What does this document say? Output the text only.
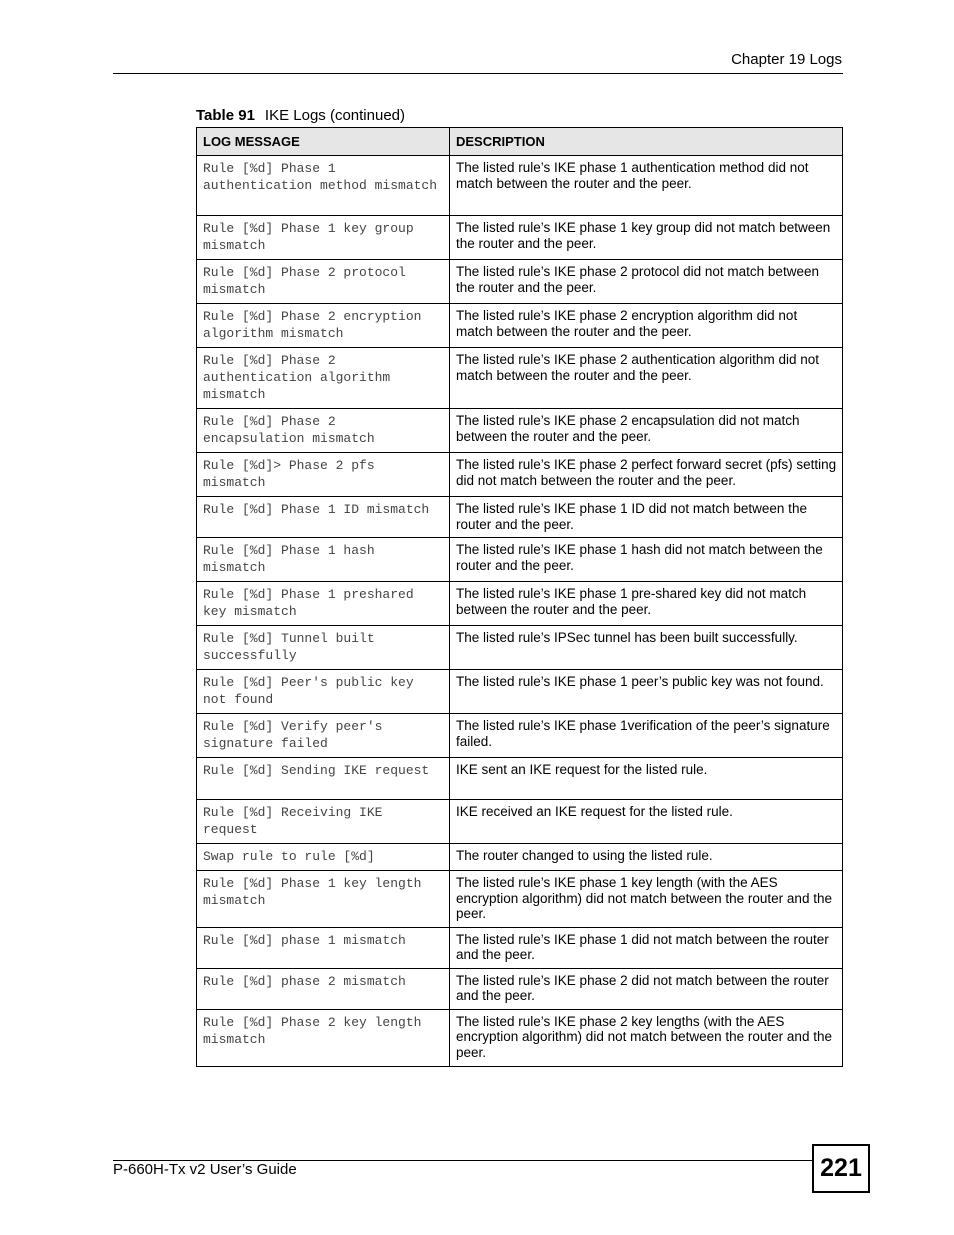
Chapter 19 Logs
Table 91 IKE Logs (continued)
LOG MESSAGE	DESCRIPTION
Rule [%d] Phase 1 authentication method mismatch	The listed rule’s IKE phase 1 authentication method did not match between the router and the peer.
Rule [%d] Phase 1 key group mismatch	The listed rule’s IKE phase 1 key group did not match between the router and the peer.
Rule [%d] Phase 2 protocol mismatch	The listed rule’s IKE phase 2 protocol did not match between the router and the peer.
Rule [%d] Phase 2 encryption algorithm mismatch	The listed rule’s IKE phase 2 encryption algorithm did not match between the router and the peer.
Rule [%d] Phase 2 authentication algorithm mismatch	The listed rule’s IKE phase 2 authentication algorithm did not match between the router and the peer.
Rule [%d] Phase 2 encapsulation mismatch	The listed rule’s IKE phase 2 encapsulation did not match between the router and the peer.
Rule [%d]> Phase 2 pfs mismatch	The listed rule’s IKE phase 2 perfect forward secret (pfs) setting did not match between the router and the peer.
Rule [%d] Phase 1 ID mismatch	The listed rule’s IKE phase 1 ID did not match between the router and the peer.
Rule [%d] Phase 1 hash mismatch	The listed rule’s IKE phase 1 hash did not match between the router and the peer.
Rule [%d] Phase 1 preshared key mismatch	The listed rule’s IKE phase 1 pre-shared key did not match between the router and the peer.
Rule [%d] Tunnel built successfully	The listed rule’s IPSec tunnel has been built successfully.
Rule [%d] Peer's public key not found	The listed rule’s IKE phase 1 peer’s public key was not found.
Rule [%d] Verify peer's signature failed	The listed rule’s IKE phase 1verification of the peer’s signature failed.
Rule [%d] Sending IKE request	IKE sent an IKE request for the listed rule.
Rule [%d] Receiving IKE request	IKE received an IKE request for the listed rule.
Swap rule to rule [%d]	The router changed to using the listed rule.
Rule [%d] Phase 1 key length mismatch	The listed rule’s IKE phase 1 key length (with the AES encryption algorithm) did not match between the router and the peer.
Rule [%d] phase 1 mismatch	The listed rule’s IKE phase 1 did not match between the router and the peer.
Rule [%d] phase 2 mismatch	The listed rule’s IKE phase 2 did not match between the router and the peer.
Rule [%d] Phase 2 key length mismatch	The listed rule’s IKE phase 2 key lengths (with the AES encryption algorithm) did not match between the router and the peer.
P-660H-Tx v2 User’s Guide	221
